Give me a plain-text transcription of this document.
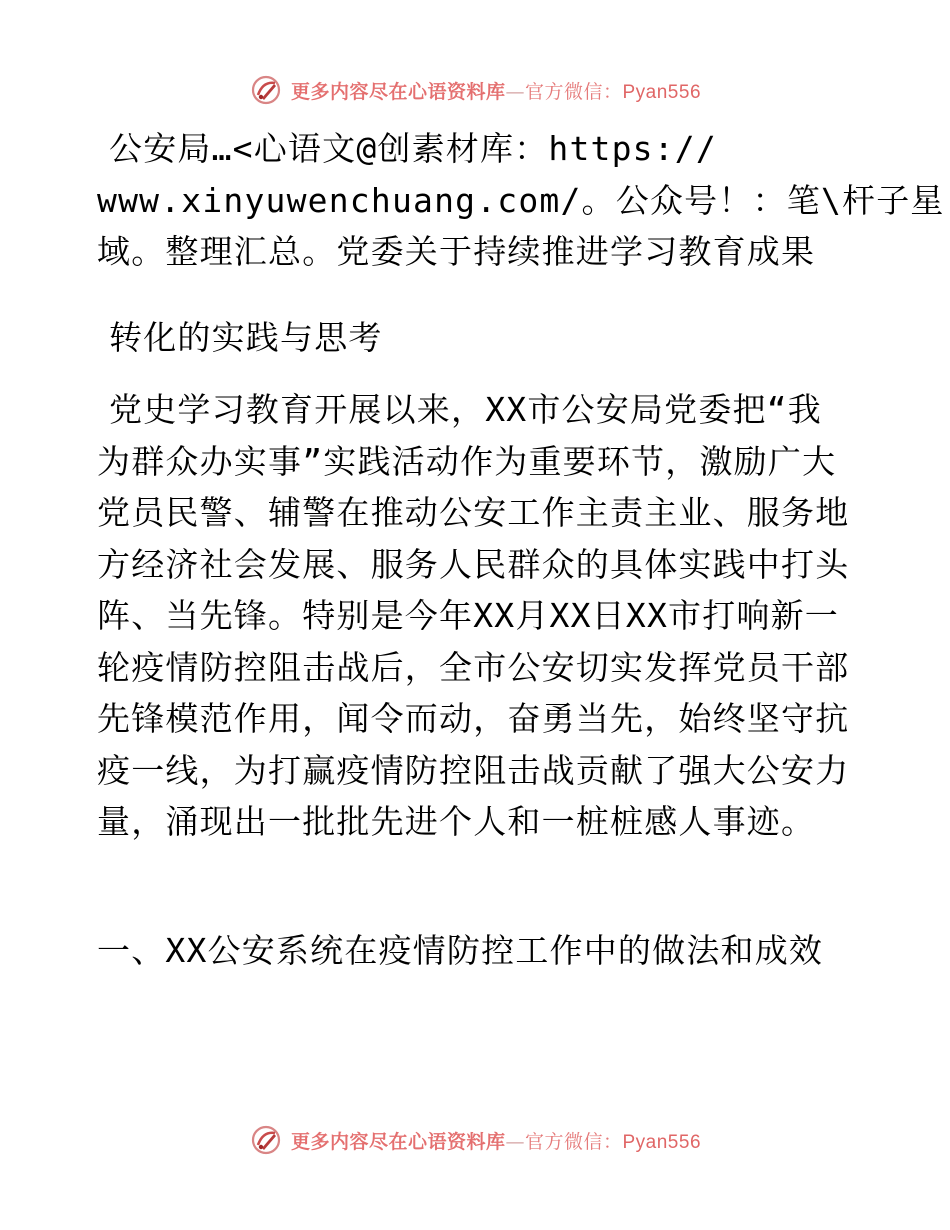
更多内容尽在心语资料库—官方微信：Pyan556
公安局…<心语文@创素材库：https://
www.xinyuwenchuang.com/。公众号！：笔\杆子星
域。整理汇总。党委关于持续推进学习教育成果
转化的实践与思考
党史学习教育开展以来，XX市公安局党委把“我
为群众办实事”实践活动作为重要环节，激励广大
党员民警、辅警在推动公安工作主责主业、服务地
方经济社会发展、服务人民群众的具体实践中打头
阵、当先锋。特别是今年XX月XX日XX市打响新一
轮疫情防控阻击战后，全市公安切实发挥党员干部
先锋模范作用，闻令而动，奋勇当先，始终坚守抗
疫一线，为打赢疫情防控阻击战贡献了强大公安力
量，涌现出一批批先进个人和一桩桩感人事迹。
一、XX公安系统在疫情防控工作中的做法和成效
更多内容尽在心语资料库—官方微信：Pyan556
